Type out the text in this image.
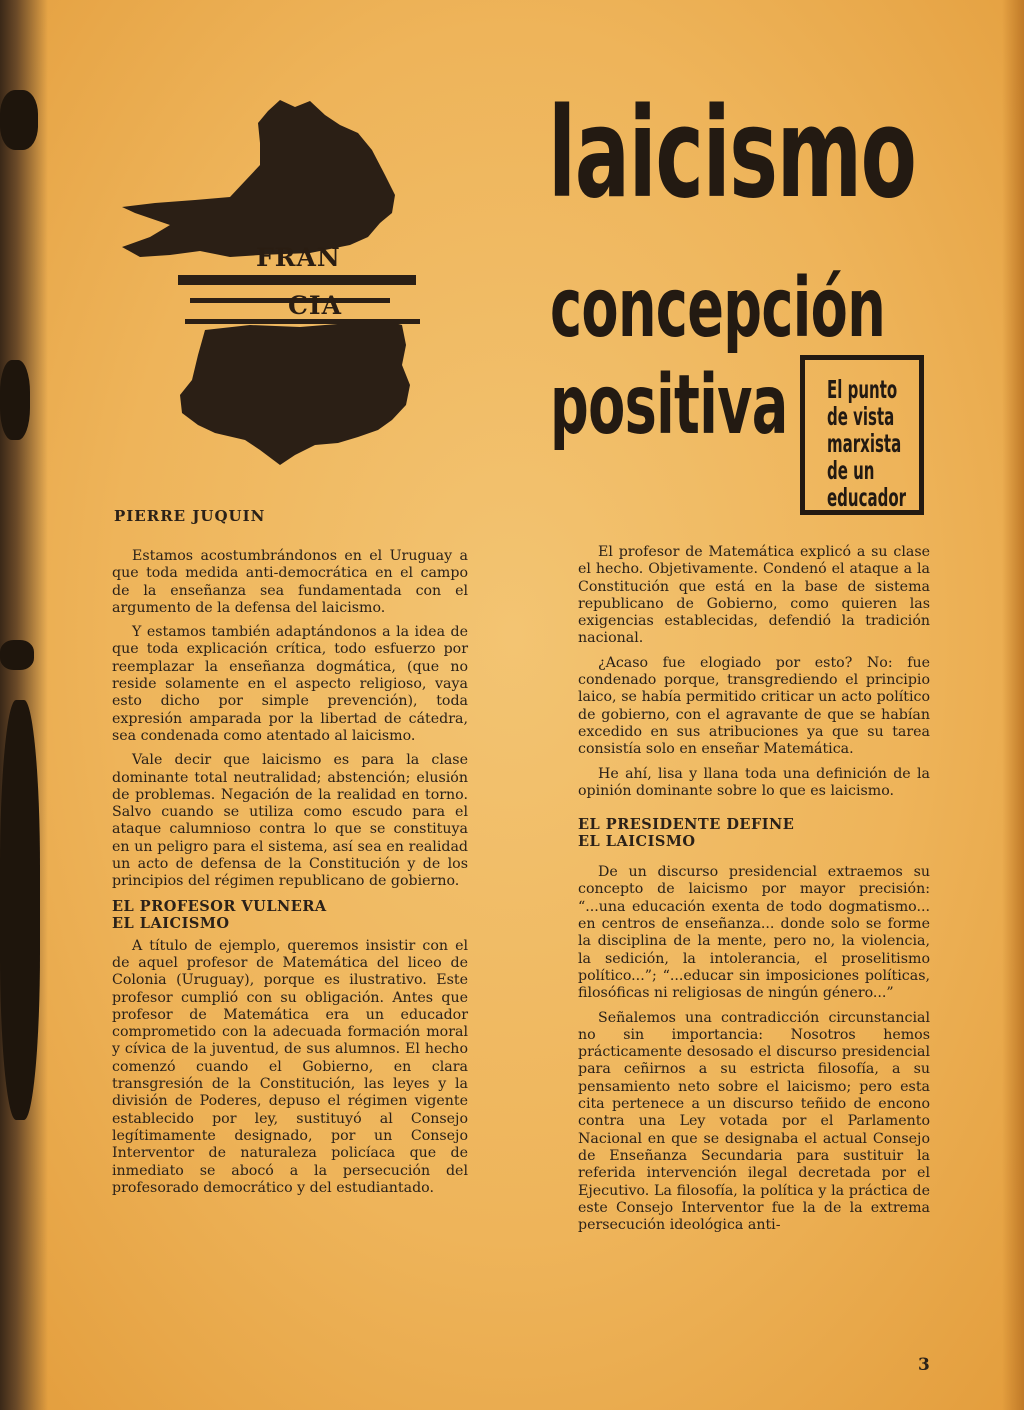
FRAN
CIA
laicismo
concepción
positiva El punto
de vista
marxista
de un
educador
PIERRE JUQUIN

Estamos acostumbrándonos en el Uruguay a que toda medida anti-democrática en el campo de la enseñanza sea fundamentada con el argumento de la defensa del laicismo.

Y estamos también adaptándonos a la idea de que toda explicación crítica, todo esfuerzo por reemplazar la enseñanza dogmática, (que no reside solamente en el aspecto religioso, vaya esto dicho por simple prevención), toda expresión amparada por la libertad de cátedra, sea condenada como atentado al laicismo.

Vale decir que laicismo es para la clase dominante total neutralidad; abstención; elusión de problemas. Negación de la realidad en torno. Salvo cuando se utiliza como escudo para el ataque calumnioso contra lo que se constituya en un peligro para el sistema, así sea en realidad un acto de defensa de la Constitución y de los principios del régimen republicano de gobierno.

EL PROFESOR VULNERA
EL LAICISMO

A título de ejemplo, queremos insistir con el de aquel profesor de Matemática del liceo de Colonia (Uruguay), porque es ilustrativo. Este profesor cumplió con su obligación. Antes que profesor de Matemática era un educador comprometido con la adecuada formación moral y cívica de la juventud, de sus alumnos. El hecho comenzó cuando el Gobierno, en clara transgresión de la Constitución, las leyes y la división de Poderes, depuso el régimen vigente establecido por ley, sustituyó al Consejo legítimamente designado, por un Consejo Interventor de naturaleza policíaca que de inmediato se abocó a la persecución del profesorado democrático y del estudiantado.

El profesor de Matemática explicó a su clase el hecho. Objetivamente. Condenó el ataque a la Constitución que está en la base de sistema republicano de Gobierno, como quieren las exigencias establecidas, defendió la tradición nacional.

¿Acaso fue elogiado por esto? No: fue condenado porque, transgrediendo el principio laico, se había permitido criticar un acto político de gobierno, con el agravante de que se habían excedido en sus atribuciones ya que su tarea consistía solo en enseñar Matemática.

He ahí, lisa y llana toda una definición de la opinión dominante sobre lo que es laicismo.

EL PRESIDENTE DEFINE
EL LAICISMO

De un discurso presidencial extraemos su concepto de laicismo por mayor precisión: “...una educación exenta de todo dogmatismo... en centros de enseñanza... donde solo se forme la disciplina de la mente, pero no, la violencia, la sedición, la intolerancia, el proselitismo político...”; “...educar sin imposiciones políticas, filosóficas ni religiosas de ningún género...”

Señalemos una contradicción circunstancial no sin importancia: Nosotros hemos prácticamente desosado el discurso presidencial para ceñirnos a su estricta filosofía, a su pensamiento neto sobre el laicismo; pero esta cita pertenece a un discurso teñido de encono contra una Ley votada por el Parlamento Nacional en que se designaba el actual Consejo de Enseñanza Secundaria para sustituir la referida intervención ilegal decretada por el Ejecutivo. La filosofía, la política y la práctica de este Consejo Interventor fue la de la extrema persecución ideológica anti-

3
